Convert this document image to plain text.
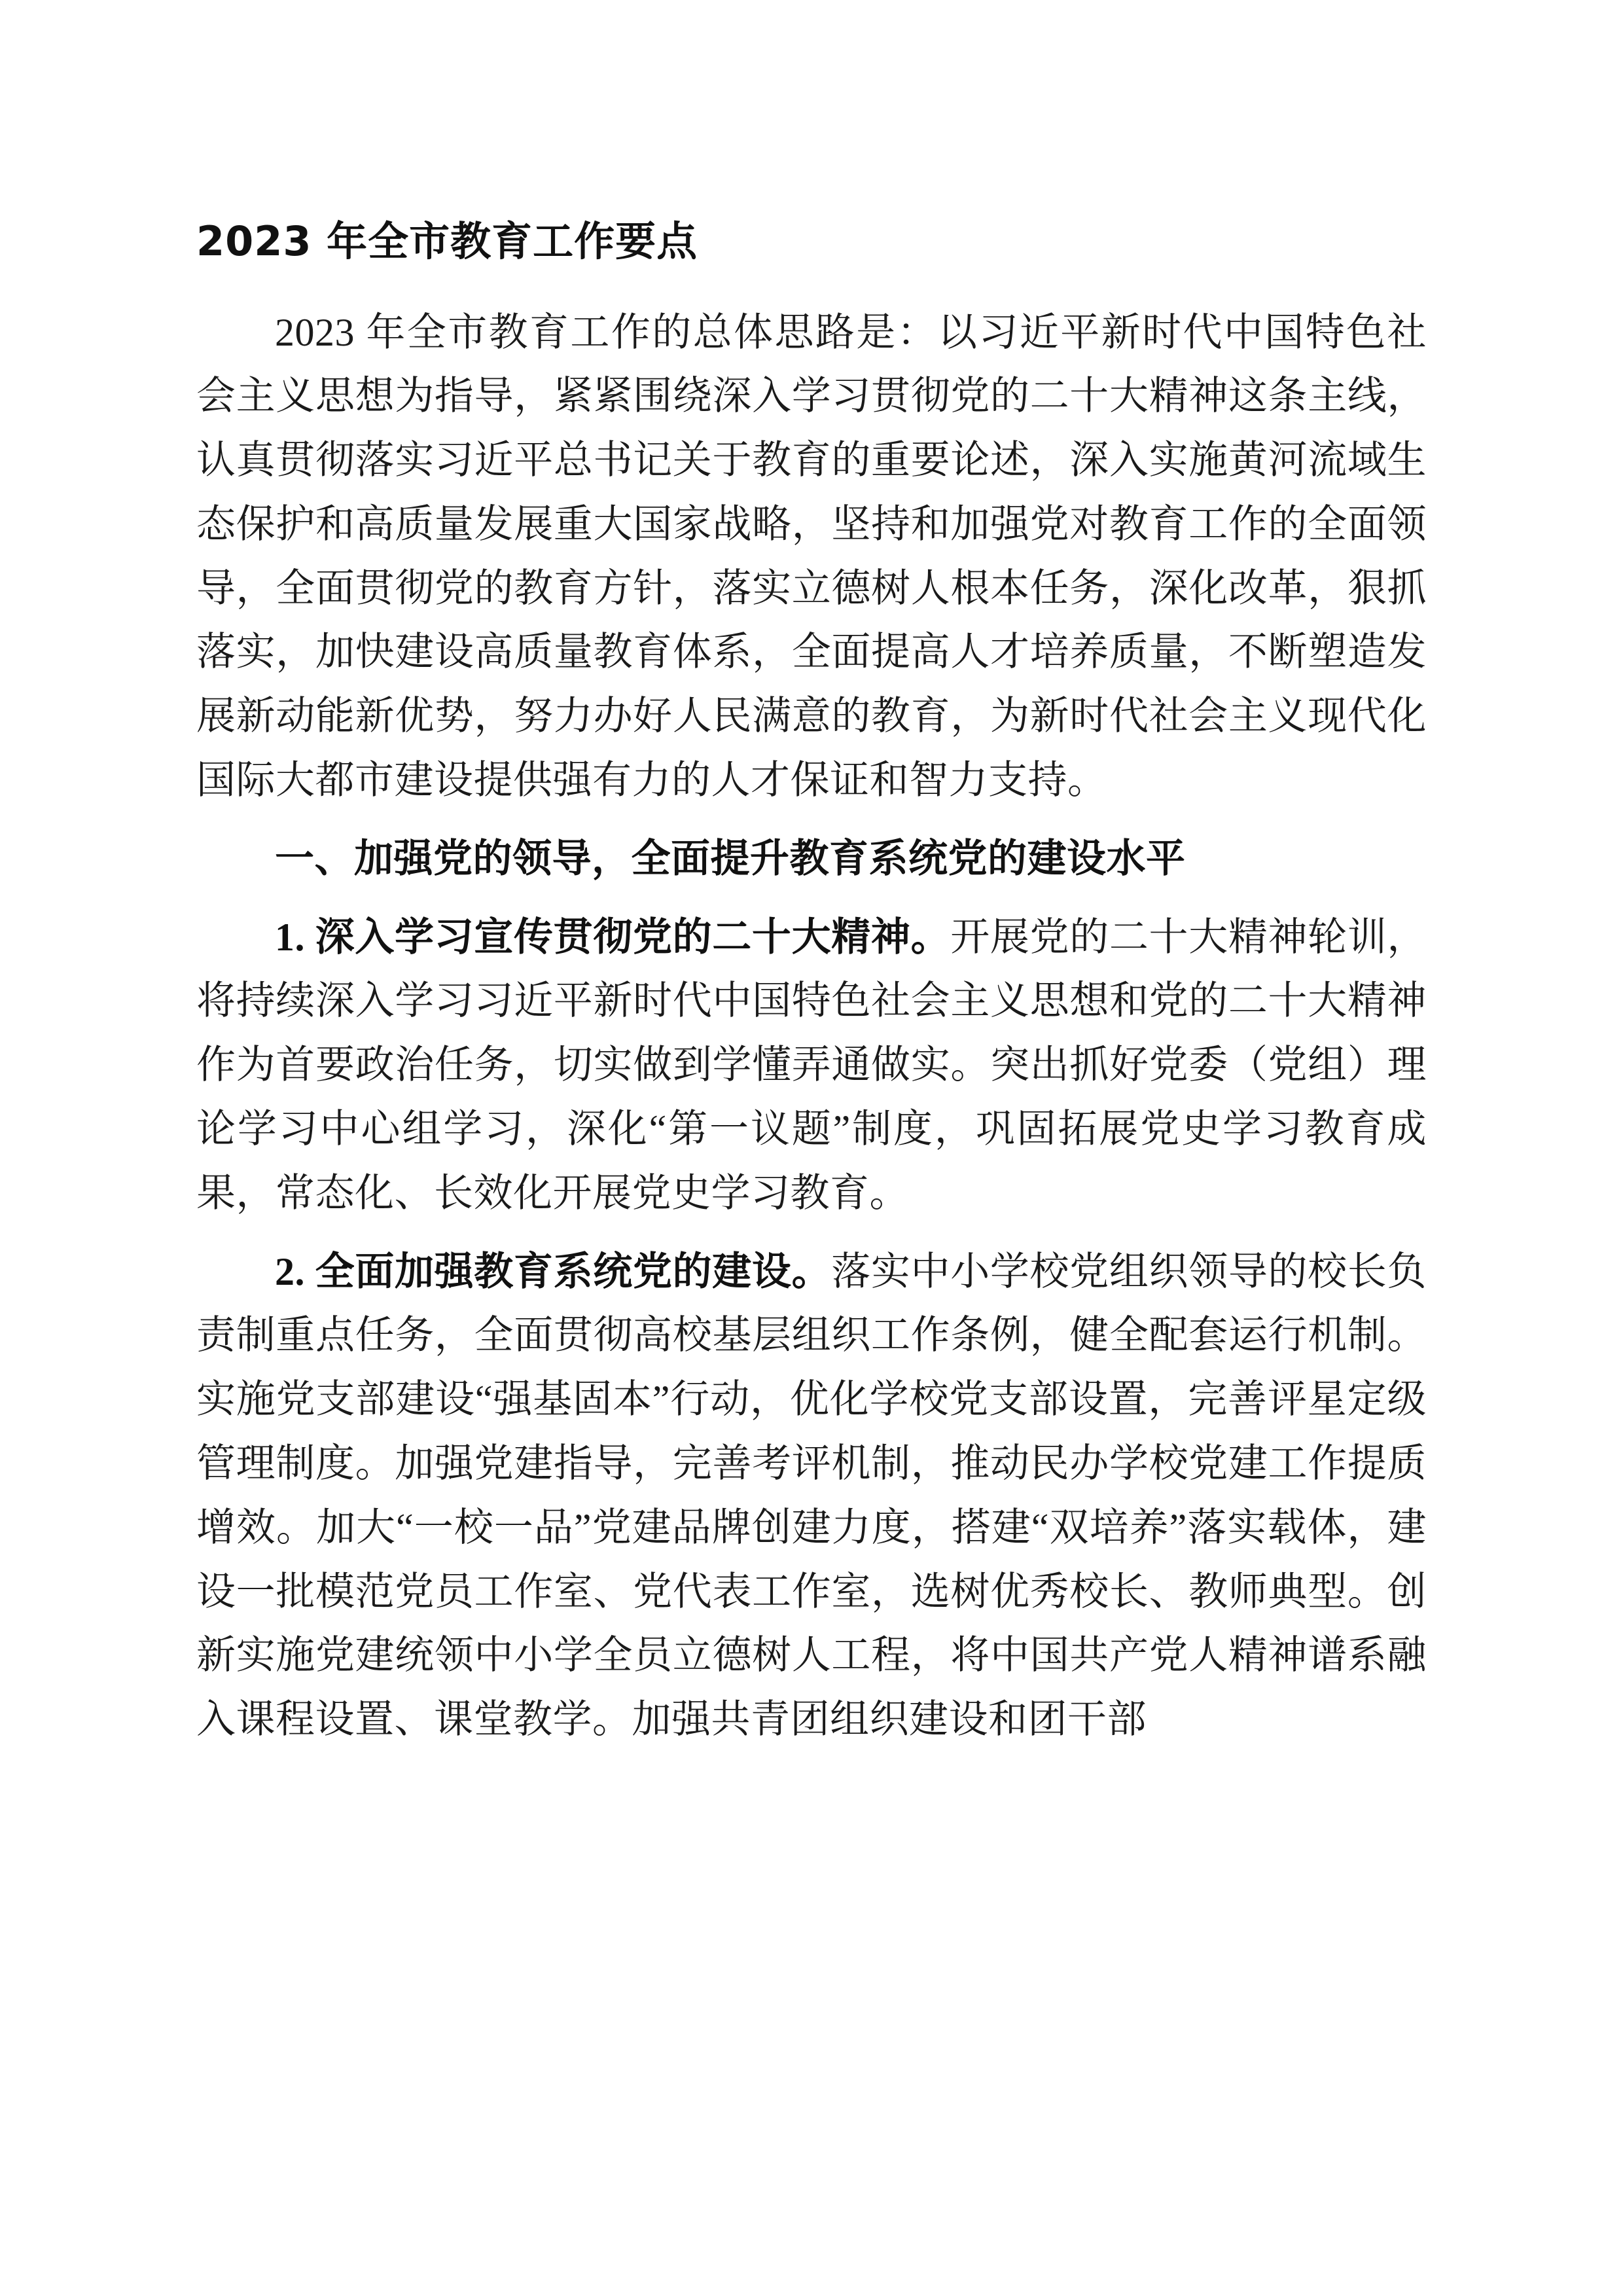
2023 年全市教育工作要点

2023 年全市教育工作的总体思路是：以习近平新时代中国特色社会主义思想为指导，紧紧围绕深入学习贯彻党的二十大精神这条主线，认真贯彻落实习近平总书记关于教育的重要论述，深入实施黄河流域生态保护和高质量发展重大国家战略，坚持和加强党对教育工作的全面领导，全面贯彻党的教育方针，落实立德树人根本任务，深化改革，狠抓落实，加快建设高质量教育体系，全面提高人才培养质量，不断塑造发展新动能新优势，努力办好人民满意的教育，为新时代社会主义现代化国际大都市建设提供强有力的人才保证和智力支持。

一、加强党的领导，全面提升教育系统党的建设水平

1. 深入学习宣传贯彻党的二十大精神。开展党的二十大精神轮训，将持续深入学习习近平新时代中国特色社会主义思想和党的二十大精神作为首要政治任务，切实做到学懂弄通做实。突出抓好党委（党组）理论学习中心组学习，深化“第一议题”制度，巩固拓展党史学习教育成果，常态化、长效化开展党史学习教育。

2. 全面加强教育系统党的建设。落实中小学校党组织领导的校长负责制重点任务，全面贯彻高校基层组织工作条例，健全配套运行机制。实施党支部建设“强基固本”行动，优化学校党支部设置，完善评星定级管理制度。加强党建指导，完善考评机制，推动民办学校党建工作提质增效。加大“一校一品”党建品牌创建力度，搭建“双培养”落实载体，建设一批模范党员工作室、党代表工作室，选树优秀校长、教师典型。创新实施党建统领中小学全员立德树人工程，将中国共产党人精神谱系融入课程设置、课堂教学。加强共青团组织建设和团干部
